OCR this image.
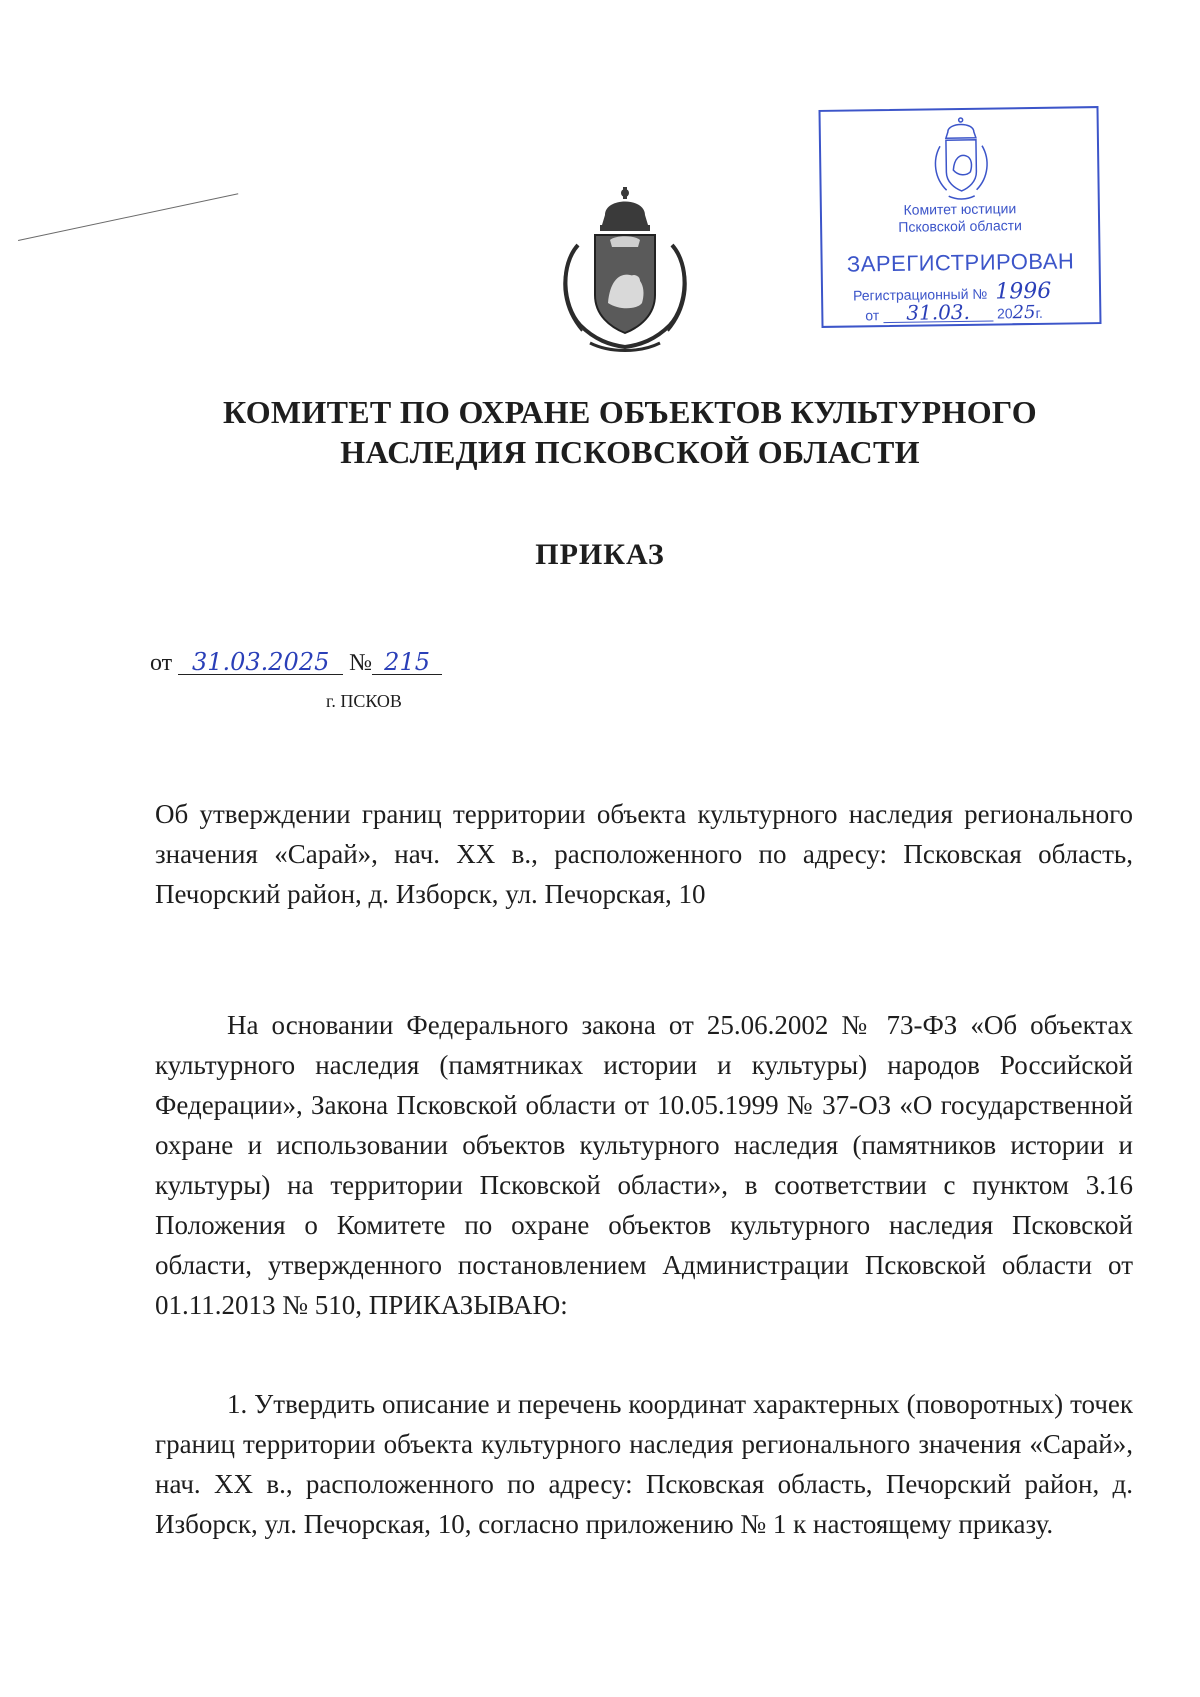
Комитет юстиции
Псковской области
ЗАРЕГИСТРИРОВАН
Регистрационный № 1996
от 31.03. 2025г.
КОМИТЕТ ПО ОХРАНЕ ОБЪЕКТОВ КУЛЬТУРНОГО
НАСЛЕДИЯ ПСКОВСКОЙ ОБЛАСТИ
ПРИКАЗ
от 31.03.2025 № 215
г. ПСКОВ
Об утверждении границ территории объекта культурного наследия регионального значения «Сарай», нач. XX в., расположенного по адресу: Псковская область, Печорский район, д. Изборск, ул. Печорская, 10
На основании Федерального закона от 25.06.2002 № 73-ФЗ «Об объектах культурного наследия (памятниках истории и культуры) народов Российской Федерации», Закона Псковской области от 10.05.1999 № 37-ОЗ «О государственной охране и использовании объектов культурного наследия (памятников истории и культуры) на территории Псковской области», в соответствии с пунктом 3.16 Положения о Комитете по охране объектов культурного наследия Псковской области, утвержденного постановлением Администрации Псковской области от 01.11.2013 № 510, ПРИКАЗЫВАЮ:
1. Утвердить описание и перечень координат характерных (поворотных) точек границ территории объекта культурного наследия регионального значения «Сарай», нач. XX в., расположенного по адресу: Псковская область, Печорский район, д. Изборск, ул. Печорская, 10, согласно приложению № 1 к настоящему приказу.
